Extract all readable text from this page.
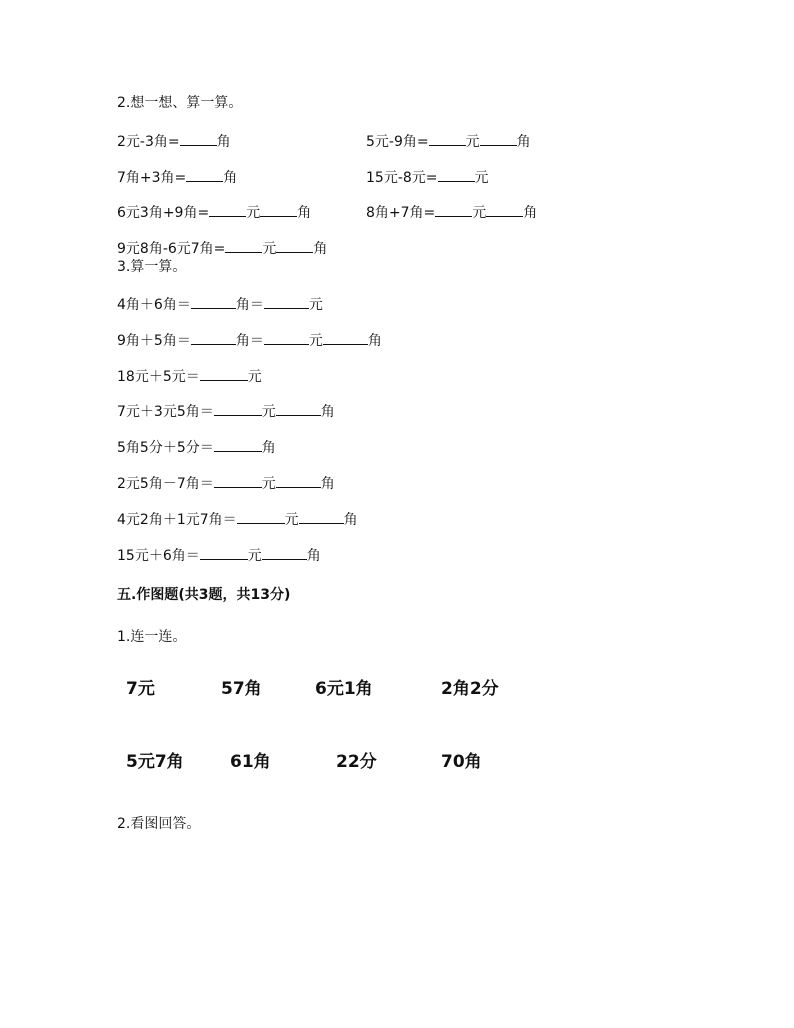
2.想一想、算一算。
2元-3角=	角	5元-9角=	元	角
7角+3角=	角	15元-8元=	元
6元3角+9角=	元	角	8角+7角=	元	角
9元8角-6元7角=	元	角
3.算一算。
4角＋6角＝	角＝	元
9角＋5角＝	角＝	元	角
18元＋5元＝	元
7元＋3元5角＝	元	角
5角5分＋5分＝	角
2元5角－7角＝	元	角
4元2角＋1元7角＝	元	角
15元＋6角＝	元	角
五.作图题(共3题，共13分)
1.连一连。
7元	57角	6元1角	2角2分
5元7角	61角	22分	70角
2.看图回答。
